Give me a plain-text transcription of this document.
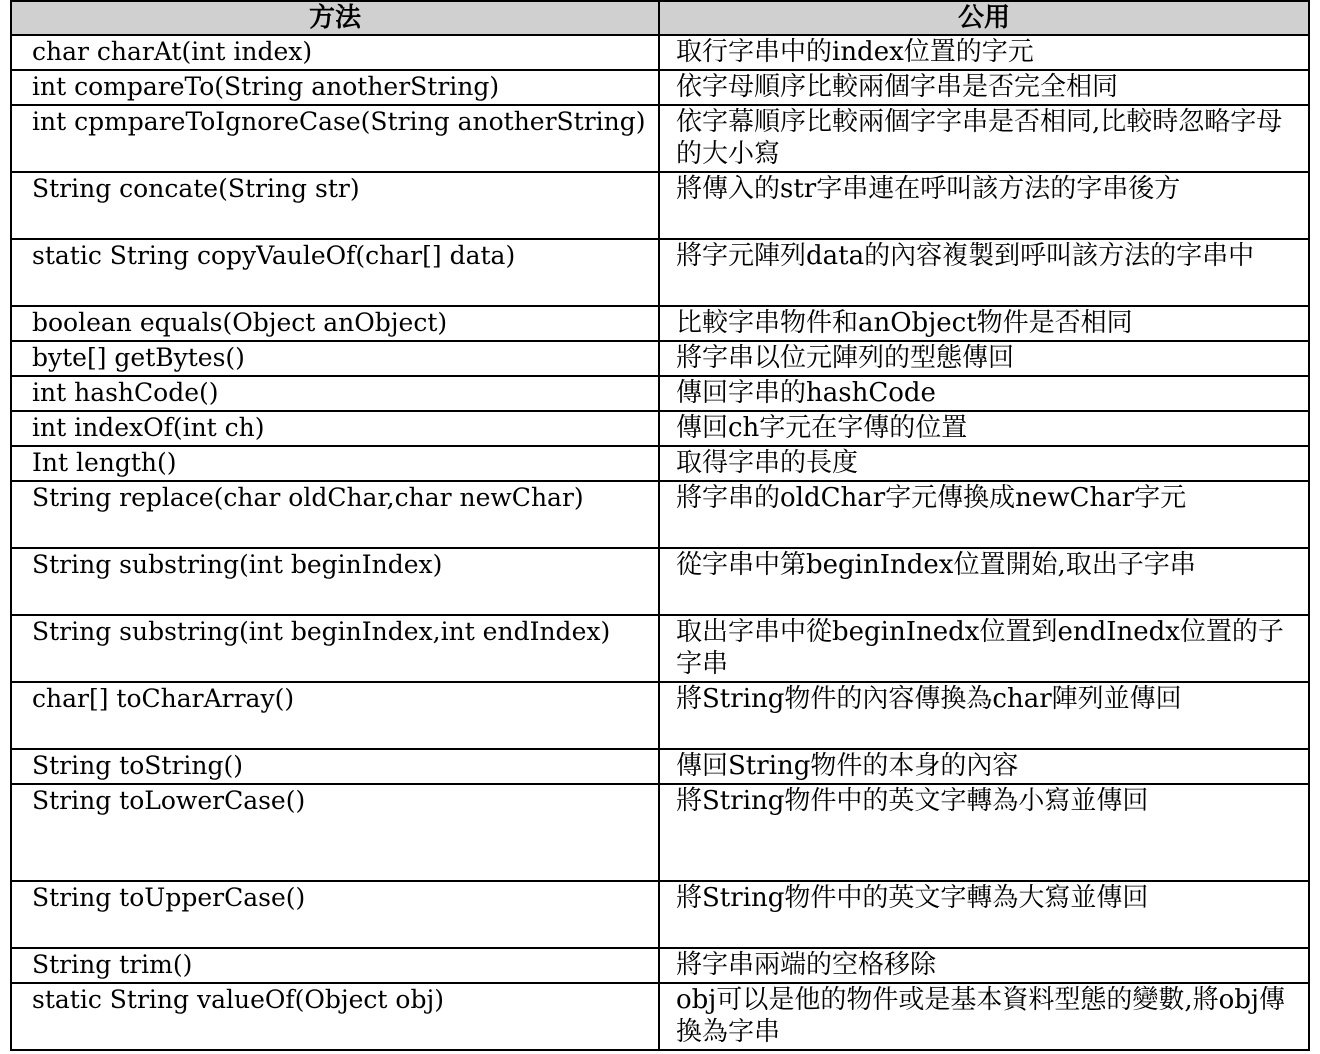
方法	公用
char charAt(int index)	取行字串中的index位置的字元
int compareTo(String anotherString)	依字母順序比較兩個字串是否完全相同
int cpmpareToIgnoreCase(String anotherString)	依字幕順序比較兩個字字串是否相同,比較時忽略字母的大小寫
String concate(String str)	將傳入的str字串連在呼叫該方法的字串後方
static String copyVauleOf(char[] data)	將字元陣列data的內容複製到呼叫該方法的字串中
boolean equals(Object anObject)	比較字串物件和anObject物件是否相同
byte[] getBytes()	將字串以位元陣列的型態傳回
int hashCode()	傳回字串的hashCode
int indexOf(int ch)	傳回ch字元在字傳的位置
Int length()	取得字串的長度
String replace(char oldChar,char newChar)	將字串的oldChar字元傳換成newChar字元
String substring(int beginIndex)	從字串中第beginIndex位置開始,取出子字串
String substring(int beginIndex,int endIndex)	取出字串中從beginInedx位置到endInedx位置的子字串
char[] toCharArray()	將String物件的內容傳換為char陣列並傳回
String toString()	傳回String物件的本身的內容
String toLowerCase()	將String物件中的英文字轉為小寫並傳回
String toUpperCase()	將String物件中的英文字轉為大寫並傳回
String trim()	將字串兩端的空格移除
static String valueOf(Object obj)	obj可以是他的物件或是基本資料型態的變數,將obj傳換為字串
